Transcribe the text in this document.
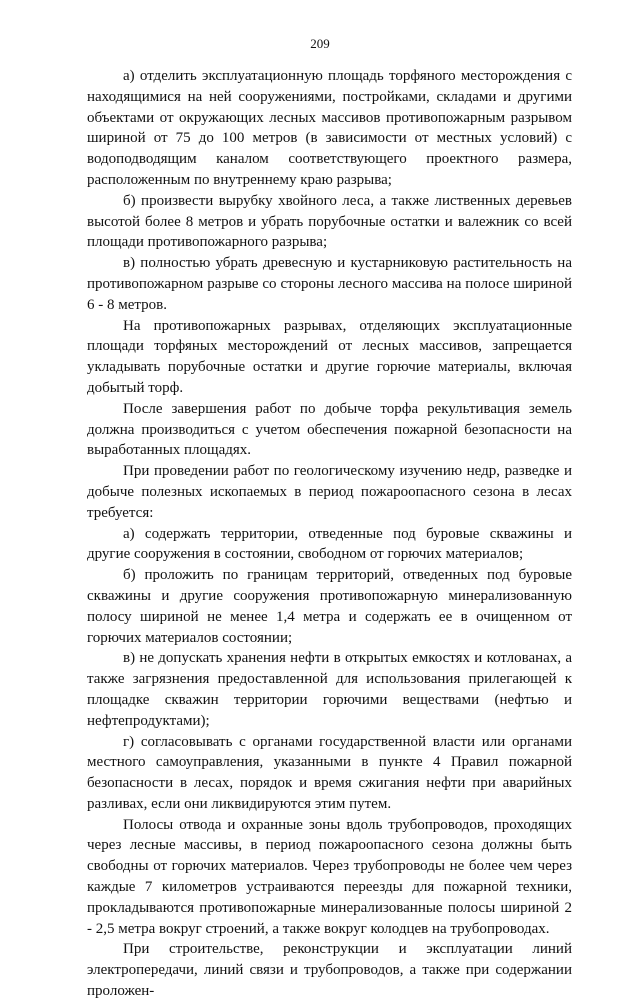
209

а) отделить эксплуатационную площадь торфяного месторождения с находящимися на ней сооружениями, постройками, складами и другими объектами от окружающих лесных массивов противопожарным разрывом шириной от 75 до 100 метров (в зависимости от местных условий) с водоподводящим каналом соответствующего проектного размера, расположенным по внутреннему краю разрыва;

б) произвести вырубку хвойного леса, а также лиственных деревьев высотой более 8 метров и убрать порубочные остатки и валежник со всей площади противопожарного разрыва;

в) полностью убрать древесную и кустарниковую растительность на противопожарном разрыве со стороны лесного массива на полосе шириной 6 - 8 метров.

На противопожарных разрывах, отделяющих эксплуатационные площади торфяных месторождений от лесных массивов, запрещается укладывать порубочные остатки и другие горючие материалы, включая добытый торф.

После завершения работ по добыче торфа рекультивация земель должна производиться с учетом обеспечения пожарной безопасности на выработанных площадях.

При проведении работ по геологическому изучению недр, разведке и добыче полезных ископаемых в период пожароопасного сезона в лесах требуется:

а) содержать территории, отведенные под буровые скважины и другие сооружения в состоянии, свободном от горючих материалов;

б) проложить по границам территорий, отведенных под буровые скважины и другие сооружения противопожарную минерализованную полосу шириной не менее 1,4 метра и содержать ее в очищенном от горючих материалов состоянии;

в) не допускать хранения нефти в открытых емкостях и котлованах, а также загрязнения предоставленной для использования прилегающей к площадке скважин территории горючими веществами (нефтью и нефтепродуктами);

г) согласовывать с органами государственной власти или органами местного самоуправления, указанными в пункте 4 Правил пожарной безопасности в лесах, порядок и время сжигания нефти при аварийных разливах, если они ликвидируются этим путем.

Полосы отвода и охранные зоны вдоль трубопроводов, проходящих через лесные массивы, в период пожароопасного сезона должны быть свободны от горючих материалов. Через трубопроводы не более чем через каждые 7 километров устраиваются переезды для пожарной техники, прокладываются противопожарные минерализованные полосы шириной 2 - 2,5 метра вокруг строений, а также вокруг колодцев на трубопроводах.

При строительстве, реконструкции и эксплуатации линий электропередачи, линий связи и трубопроводов, а также при содержании проложен-
